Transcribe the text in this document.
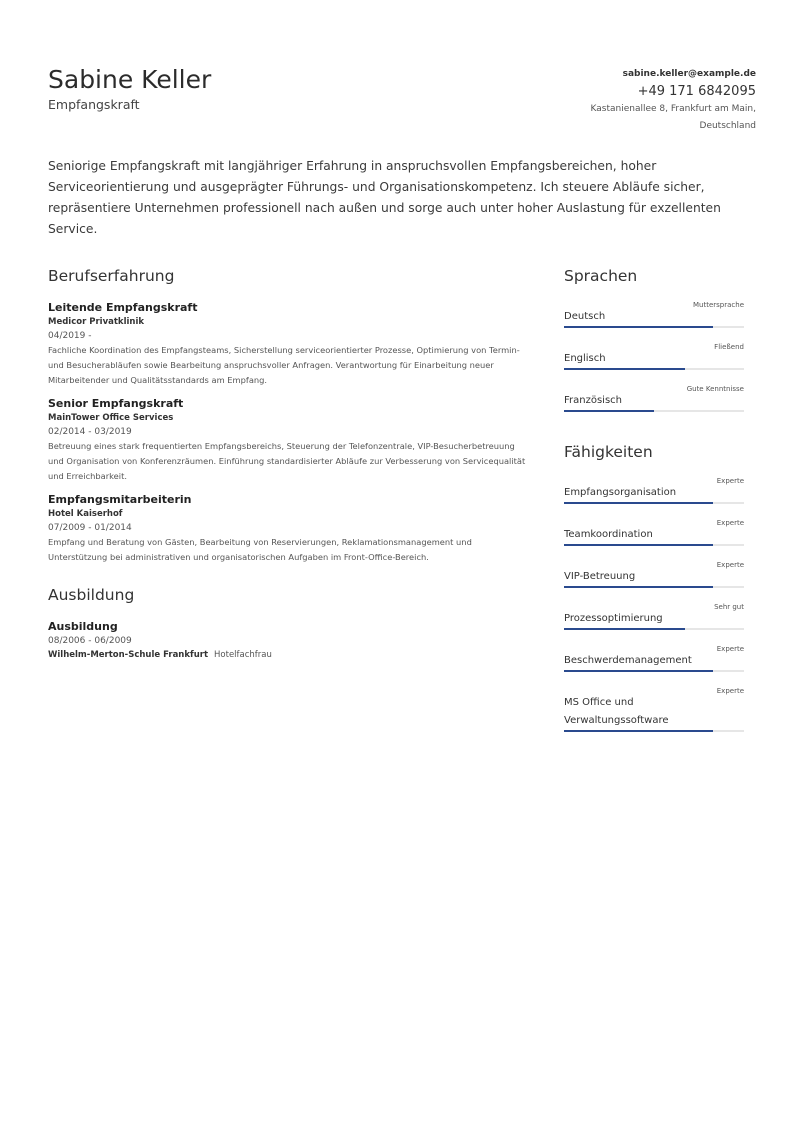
Sabine Keller
Empfangskraft
sabine.keller@example.de
+49 171 6842095
Kastanienallee 8, Frankfurt am Main, Deutschland
Seniorige Empfangskraft mit langjähriger Erfahrung in anspruchsvollen Empfangsbereichen, hoher Serviceorientierung und ausgeprägter Führungs- und Organisationskompetenz. Ich steuere Abläufe sicher, repräsentiere Unternehmen professionell nach außen und sorge auch unter hoher Auslastung für exzellenten Service.
Berufserfahrung
Leitende Empfangskraft
Medicor Privatklinik
04/2019 -
Fachliche Koordination des Empfangsteams, Sicherstellung serviceorientierter Prozesse, Optimierung von Termin- und Besucherabläufen sowie Bearbeitung anspruchsvoller Anfragen. Verantwortung für Einarbeitung neuer Mitarbeitender und Qualitätsstandards am Empfang.
Senior Empfangskraft
MainTower Office Services
02/2014 - 03/2019
Betreuung eines stark frequentierten Empfangsbereichs, Steuerung der Telefonzentrale, VIP-Besucherbetreuung und Organisation von Konferenzräumen. Einführung standardisierter Abläufe zur Verbesserung von Servicequalität und Erreichbarkeit.
Empfangsmitarbeiterin
Hotel Kaiserhof
07/2009 - 01/2014
Empfang und Beratung von Gästen, Bearbeitung von Reservierungen, Reklamationsmanagement und Unterstützung bei administrativen und organisatorischen Aufgaben im Front-Office-Bereich.
Ausbildung
Ausbildung
08/2006 - 06/2009
Wilhelm-Merton-Schule Frankfurt Hotelfachfrau
Sprachen
Deutsch
Muttersprache
Englisch
Fließend
Französisch
Gute Kenntnisse
Fähigkeiten
Empfangsorganisation
Experte
Teamkoordination
Experte
VIP-Betreuung
Experte
Prozessoptimierung
Sehr gut
Beschwerdemanagement
Experte
MS Office und Verwaltungssoftware
Experte
